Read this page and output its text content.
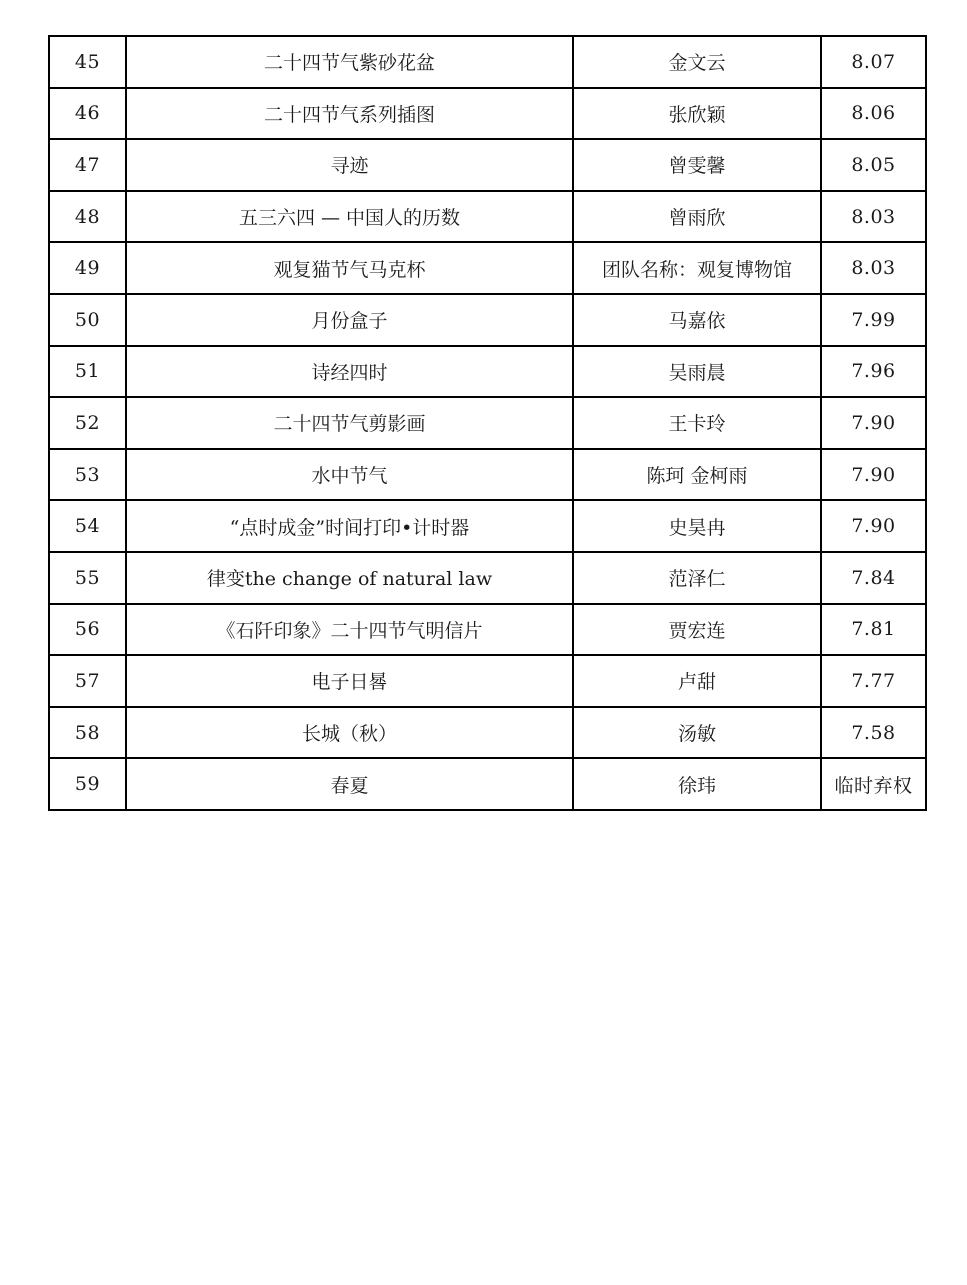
45	二十四节气紫砂花盆	金文云	8.07
46	二十四节气系列插图	张欣颖	8.06
47	寻迹	曾雯馨	8.05
48	五三六四 — 中国人的历数	曾雨欣	8.03
49	观复猫节气马克杯	团队名称：观复博物馆	8.03
50	月份盒子	马嘉依	7.99
51	诗经四时	吴雨晨	7.96
52	二十四节气剪影画	王卡玲	7.90
53	水中节气	陈珂 金柯雨	7.90
54	“点时成金”时间打印•计时器	史昊冉	7.90
55	律变the change of natural law	范泽仁	7.84
56	《石阡印象》二十四节气明信片	贾宏连	7.81
57	电子日晷	卢甜	7.77
58	长城（秋）	汤敏	7.58
59	春夏	徐玮	临时弃权
